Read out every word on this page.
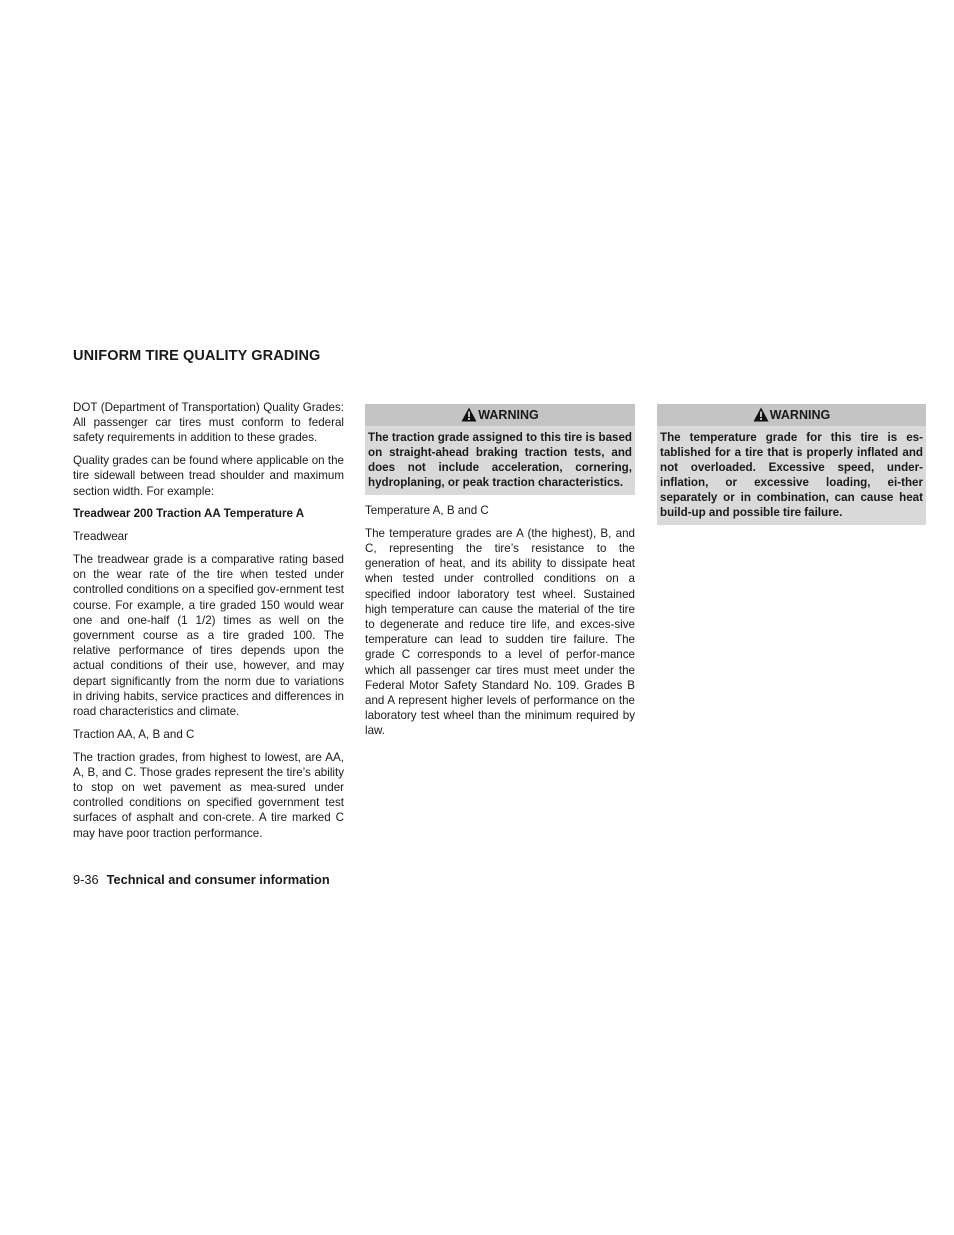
UNIFORM TIRE QUALITY GRADING

DOT (Department of Transportation) Quality Grades: All passenger car tires must conform to federal safety requirements in addition to these grades.

Quality grades can be found where applicable on the tire sidewall between tread shoulder and maximum section width. For example:

Treadwear 200 Traction AA Temperature A

Treadwear

The treadwear grade is a comparative rating based on the wear rate of the tire when tested under controlled conditions on a specified gov-ernment test course. For example, a tire graded 150 would wear one and one-half (1 1/2) times as well on the government course as a tire graded 100. The relative performance of tires depends upon the actual conditions of their use, however, and may depart significantly from the norm due to variations in driving habits, service practices and differences in road characteristics and climate.

Traction AA, A, B and C

The traction grades, from highest to lowest, are AA, A, B, and C. Those grades represent the tire’s ability to stop on wet pavement as mea-sured under controlled conditions on specified government test surfaces of asphalt and con-crete. A tire marked C may have poor traction performance.

WARNING
The traction grade assigned to this tire is based on straight-ahead braking traction tests, and does not include acceleration, cornering, hydroplaning, or peak traction characteristics.

Temperature A, B and C

The temperature grades are A (the highest), B, and C, representing the tire’s resistance to the generation of heat, and its ability to dissipate heat when tested under controlled conditions on a specified indoor laboratory test wheel. Sustained high temperature can cause the material of the tire to degenerate and reduce tire life, and exces-sive temperature can lead to sudden tire failure. The grade C corresponds to a level of perfor-mance which all passenger car tires must meet under the Federal Motor Safety Standard No. 109. Grades B and A represent higher levels of performance on the laboratory test wheel than the minimum required by law.

WARNING
The temperature grade for this tire is es-tablished for a tire that is properly inflated and not overloaded. Excessive speed, under-inflation, or excessive loading, ei-ther separately or in combination, can cause heat build-up and possible tire failure.
9-36 Technical and consumer information
